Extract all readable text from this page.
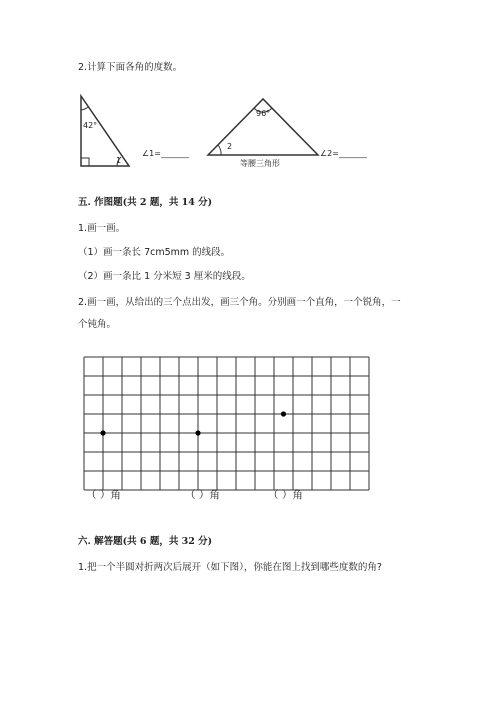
2.计算下面各角的度数。
42°
1
∠1=_______
96°
2
等腰三角形
∠2=_______
五. 作图题(共 2 题，共 14 分)
1.画一画。
（1）画一条长 7cm5mm 的线段。
（2）画一条比 1 分米短 3 厘米的线段。
2.画一画，从给出的三个点出发，画三个角。分别画一个直角，一个锐角，一
个钝角。
（ ）角	（ ）角	（ ）角
六. 解答题(共 6 题，共 32 分)
1.把一个半圆对折两次后展开（如下图），你能在图上找到哪些度数的角?
